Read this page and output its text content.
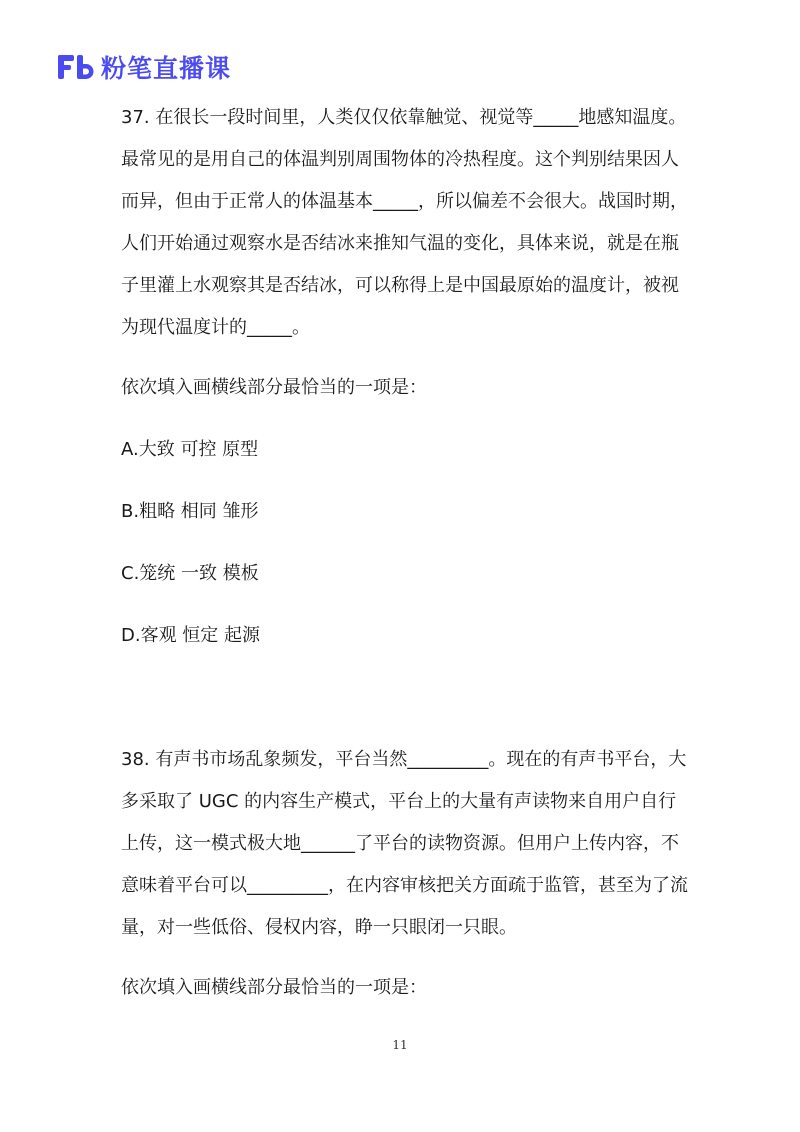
粉笔直播课

37. 在很长一段时间里，人类仅仅依靠触觉、视觉等_____地感知温度。最常见的是用自己的体温判别周围物体的冷热程度。这个判别结果因人而异，但由于正常人的体温基本_____，所以偏差不会很大。战国时期，人们开始通过观察水是否结冰来推知气温的变化，具体来说，就是在瓶子里灌上水观察其是否结冰，可以称得上是中国最原始的温度计，被视为现代温度计的_____。

依次填入画横线部分最恰当的一项是：

A.大致 可控 原型

B.粗略 相同 雏形

C.笼统 一致 模板

D.客观 恒定 起源

38. 有声书市场乱象频发，平台当然_________。现在的有声书平台，大多采取了 UGC 的内容生产模式，平台上的大量有声读物来自用户自行上传，这一模式极大地______了平台的读物资源。但用户上传内容，不意味着平台可以_________，在内容审核把关方面疏于监管，甚至为了流量，对一些低俗、侵权内容，睁一只眼闭一只眼。

依次填入画横线部分最恰当的一项是：

11
